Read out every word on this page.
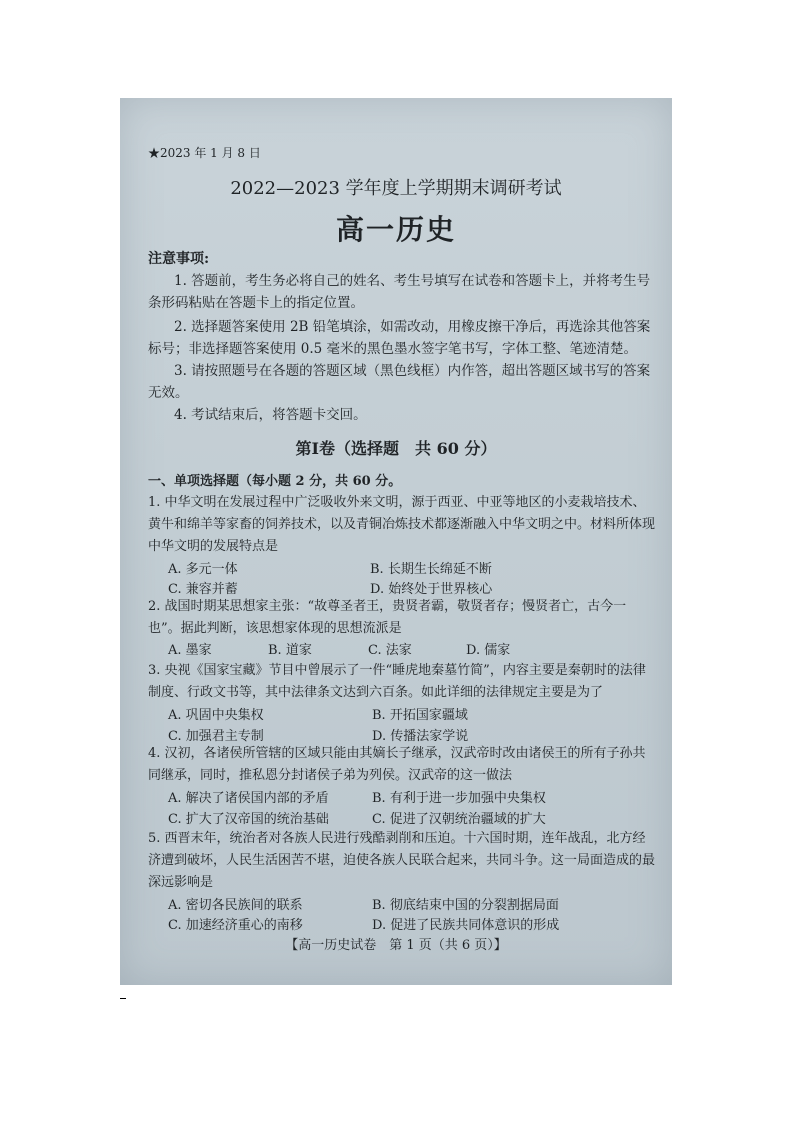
★2023 年 1 月 8 日
2022—2023 学年度上学期期末调研考试
高一历史
注意事项:
1. 答题前，考生务必将自己的姓名、考生号填写在试卷和答题卡上，并将考生号条形码粘贴在答题卡上的指定位置。
2. 选择题答案使用 2B 铅笔填涂，如需改动，用橡皮擦干净后，再选涂其他答案标号；非选择题答案使用 0.5 毫米的黑色墨水签字笔书写，字体工整、笔迹清楚。
3. 请按照题号在各题的答题区域（黑色线框）内作答，超出答题区域书写的答案无效。
4. 考试结束后，将答题卡交回。
第Ⅰ卷（选择题　共 60 分）
一、单项选择题（每小题 2 分，共 60 分。
1. 中华文明在发展过程中广泛吸收外来文明，源于西亚、中亚等地区的小麦栽培技术、黄牛和绵羊等家畜的饲养技术，以及青铜冶炼技术都逐渐融入中华文明之中。材料所体现中华文明的发展特点是
A. 多元一体	B. 长期生长绵延不断
C. 兼容并蓄	D. 始终处于世界核心
2. 战国时期某思想家主张：“故尊圣者王，贵贤者霸，敬贤者存；慢贤者亡，古今一也”。据此判断，该思想家体现的思想流派是
A. 墨家	B. 道家	C. 法家	D. 儒家
3. 央视《国家宝藏》节目中曾展示了一件“睡虎地秦墓竹简”，内容主要是秦朝时的法律制度、行政文书等，其中法律条文达到六百条。如此详细的法律规定主要是为了
A. 巩固中央集权	B. 开拓国家疆域
C. 加强君主专制	D. 传播法家学说
4. 汉初，各诸侯所管辖的区域只能由其嫡长子继承，汉武帝时改由诸侯王的所有子孙共同继承，同时，推私恩分封诸侯子弟为列侯。汉武帝的这一做法
A. 解决了诸侯国内部的矛盾	B. 有利于进一步加强中央集权
C. 扩大了汉帝国的统治基础	C. 促进了汉朝统治疆域的扩大
5. 西晋末年，统治者对各族人民进行残酷剥削和压迫。十六国时期，连年战乱，北方经济遭到破坏，人民生活困苦不堪，迫使各族人民联合起来，共同斗争。这一局面造成的最深远影响是
A. 密切各民族间的联系	B. 彻底结束中国的分裂割据局面
C. 加速经济重心的南移	D. 促进了民族共同体意识的形成
【高一历史试卷　第 1 页（共 6 页）】
